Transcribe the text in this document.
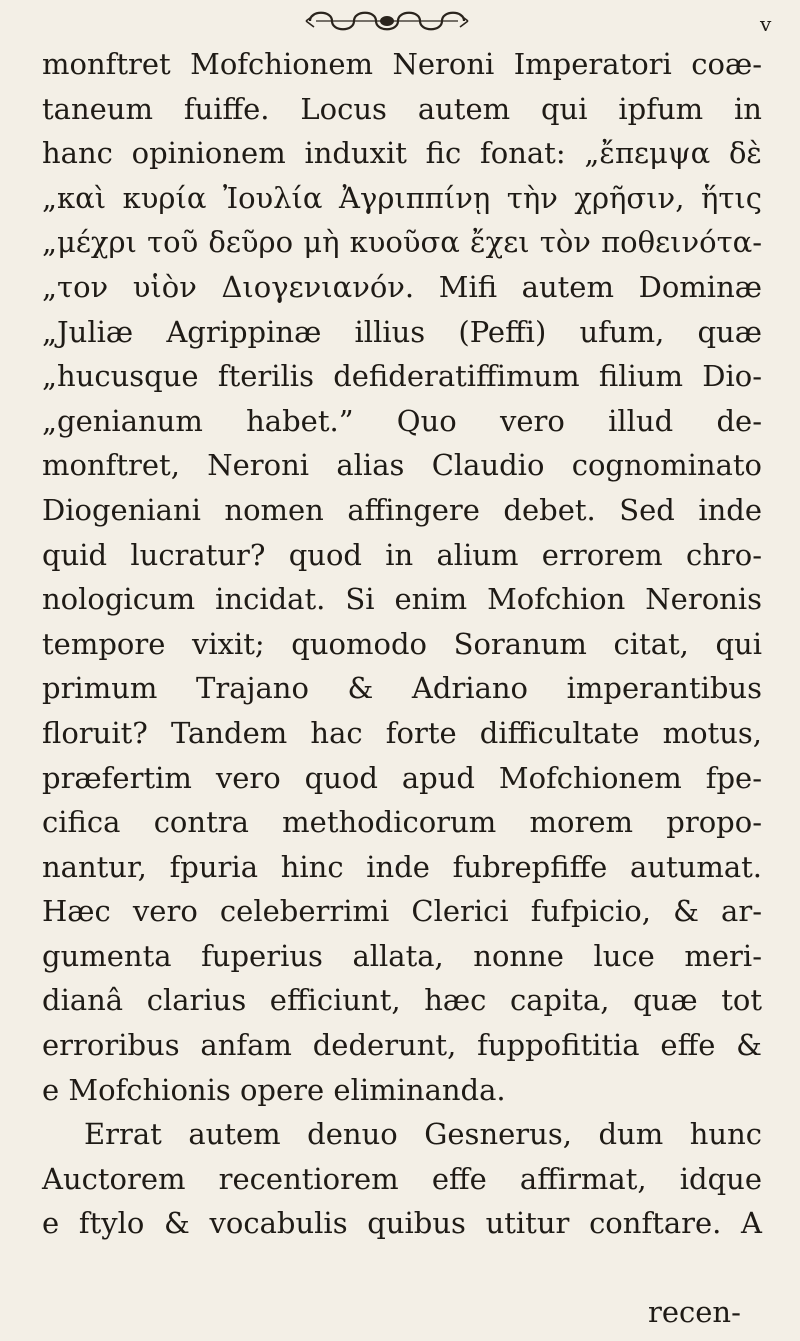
v
monftret Mofchionem Neroni Imperatori coæ-
taneum fuiffe. Locus autem qui ipfum in
hanc opinionem induxit fic fonat: „ἔπεμψα δὲ
„καὶ κυρία Ἰουλία Ἀγριππίνῃ τὴν χρῆσιν, ἥτις
„μέχρι τοῦ δεῦρο μὴ κυοῦσα ἔχει τὸν ποθεινότα-
„τον υἱὸν Διογενιανόν. Mifi autem Dominæ
„Juliæ Agrippinæ illius (Peffi) ufum, quæ
„hucusque fterilis defideratiffimum filium Dio-
„genianum habet.” Quo vero illud de-
monftret, Neroni alias Claudio cognominato
Diogeniani nomen affingere debet. Sed inde
quid lucratur? quod in alium errorem chro-
nologicum incidat. Si enim Mofchion Neronis
tempore vixit; quomodo Soranum citat, qui
primum Trajano & Adriano imperantibus
floruit? Tandem hac forte difficultate motus,
præfertim vero quod apud Mofchionem fpe-
cifica contra methodicorum morem propo-
nantur, fpuria hinc inde fubrepfiffe autumat.
Hæc vero celeberrimi Clerici fufpicio, & ar-
gumenta fuperius allata, nonne luce meri-
dianâ clarius efficiunt, hæc capita, quæ tot
erroribus anfam dederunt, fuppofititia effe &
e Mofchionis opere eliminanda.
Errat autem denuo Gesnerus, dum hunc
Auctorem recentiorem effe affirmat, idque
e ftylo & vocabulis quibus utitur conftare. A
recen-
